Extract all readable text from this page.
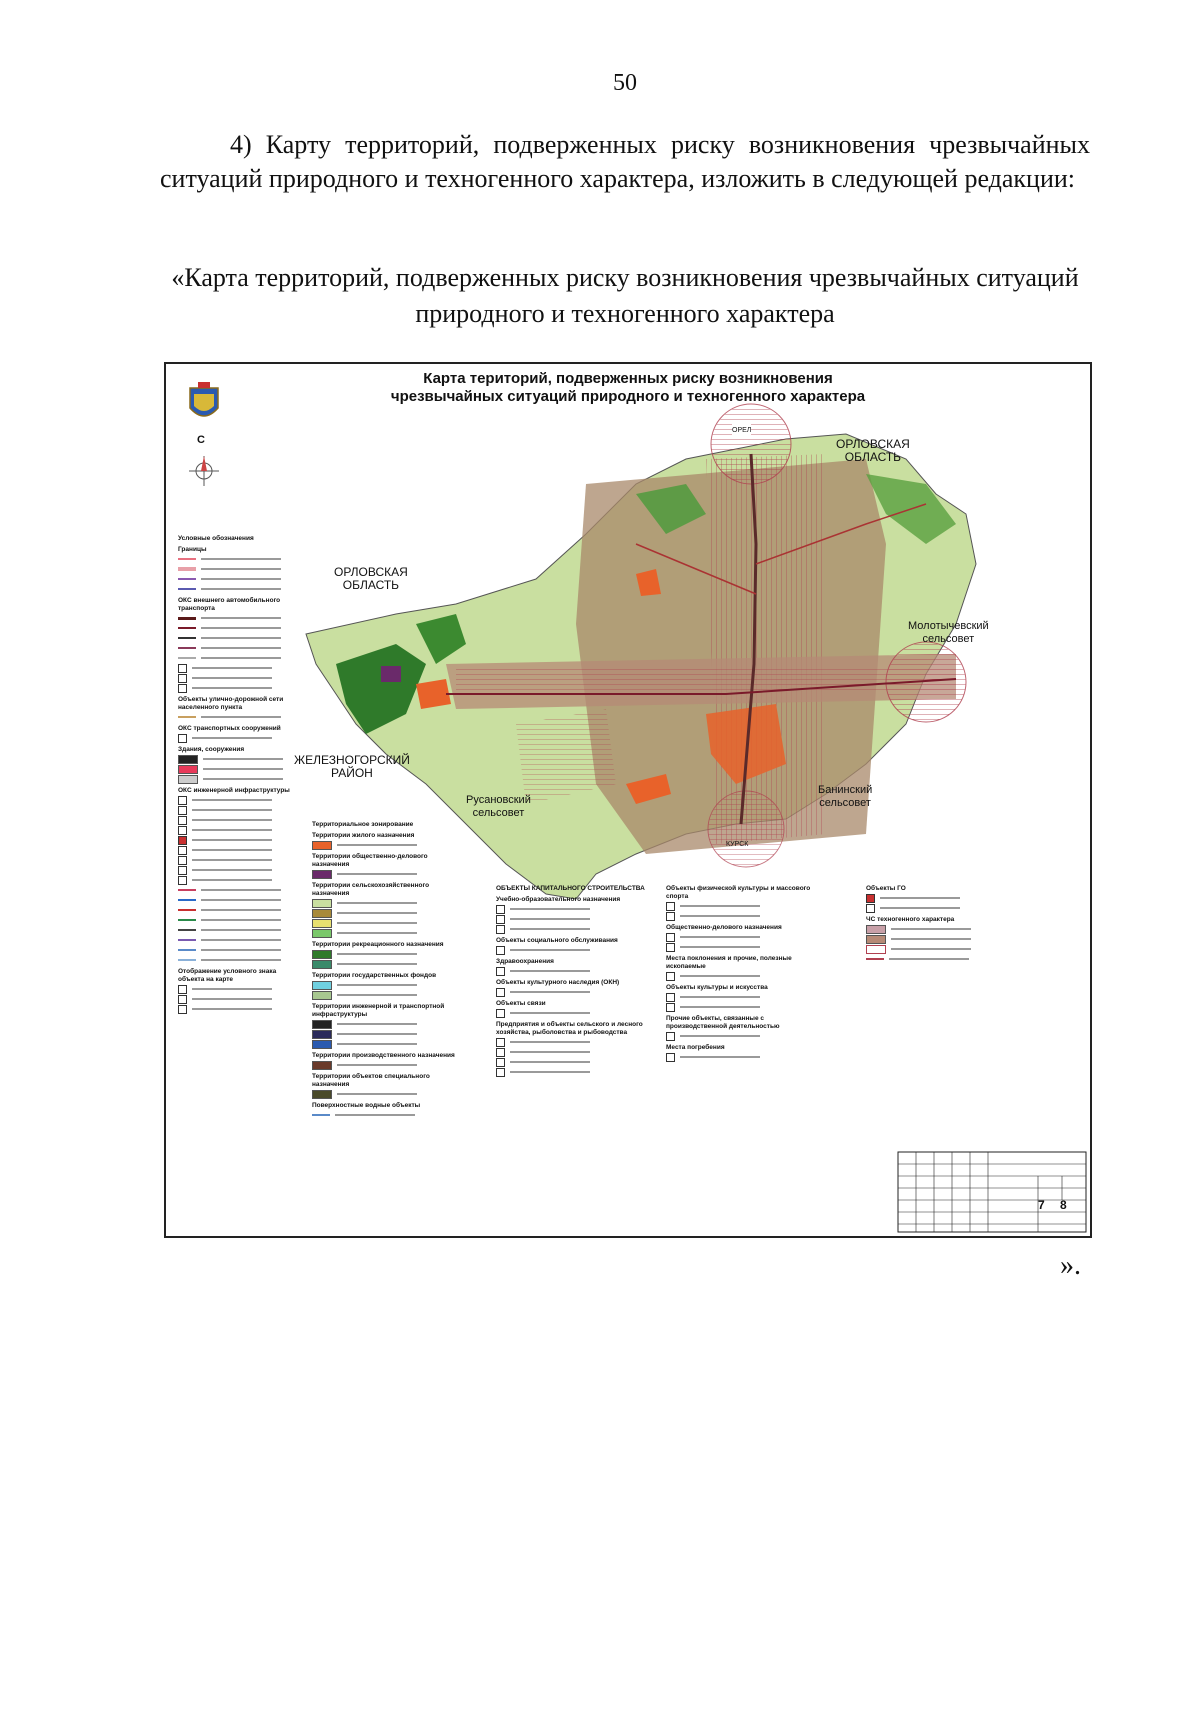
50

4) Карту территорий, подверженных риску возникновения чрезвычайных ситуаций природного и техногенного характера, изложить в следующей редакции:

«Карта территорий, подверженных риску возникновения чрезвычайных ситуаций природного и техногенного характера

Карта територий, подверженных риску возникновения
чрезвычайных ситуаций природного и техногенного характера
С
ОРЕЛ
ОРЛОВСКАЯ
ОБЛАСТЬ
ОРЛОВСКАЯ
ОБЛАСТЬ
Молотычевский
сельсовет
ЖЕЛЕЗНОГОРСКИЙ
РАЙОН
Русановский
сельсовет
Банинский
сельсовет
КУРСК
Условные обозначения
Границы
ОКС внешнего автомобильного транспорта
Объекты улично-дорожной сети населенного пункта
ОКС транспортных сооружений
Здания, сооружения
ОКС инженерной инфраструктуры
Отображение условного знака объекта на карте
Территориальное зонирование
Территории жилого назначения
Территории общественно-делового назначения
Территории сельскохозяйственного назначения
Территории рекреационного назначения
Территории государственных фондов
Территории инженерной и транспортной инфраструктуры
Территории производственного назначения
Территории объектов специального назначения
Поверхностные водные объекты
ОБЪЕКТЫ КАПИТАЛЬНОГО СТРОИТЕЛЬСТВА
Учебно-образовательного назначения
Объекты социального обслуживания
Здравоохранения
Объекты культурного наследия (ОКН)
Объекты связи
Предприятия и объекты сельского и лесного хозяйства, рыболовства и рыбоводства
Объекты физической культуры и массового спорта
Общественно-делового назначения
Места поклонения и прочие, полезные ископаемые
Объекты культуры и искусства
Прочие объекты, связанные с производственной деятельностью
Места погребения
Объекты ГО
ЧС техногенного характера
7 8
».
